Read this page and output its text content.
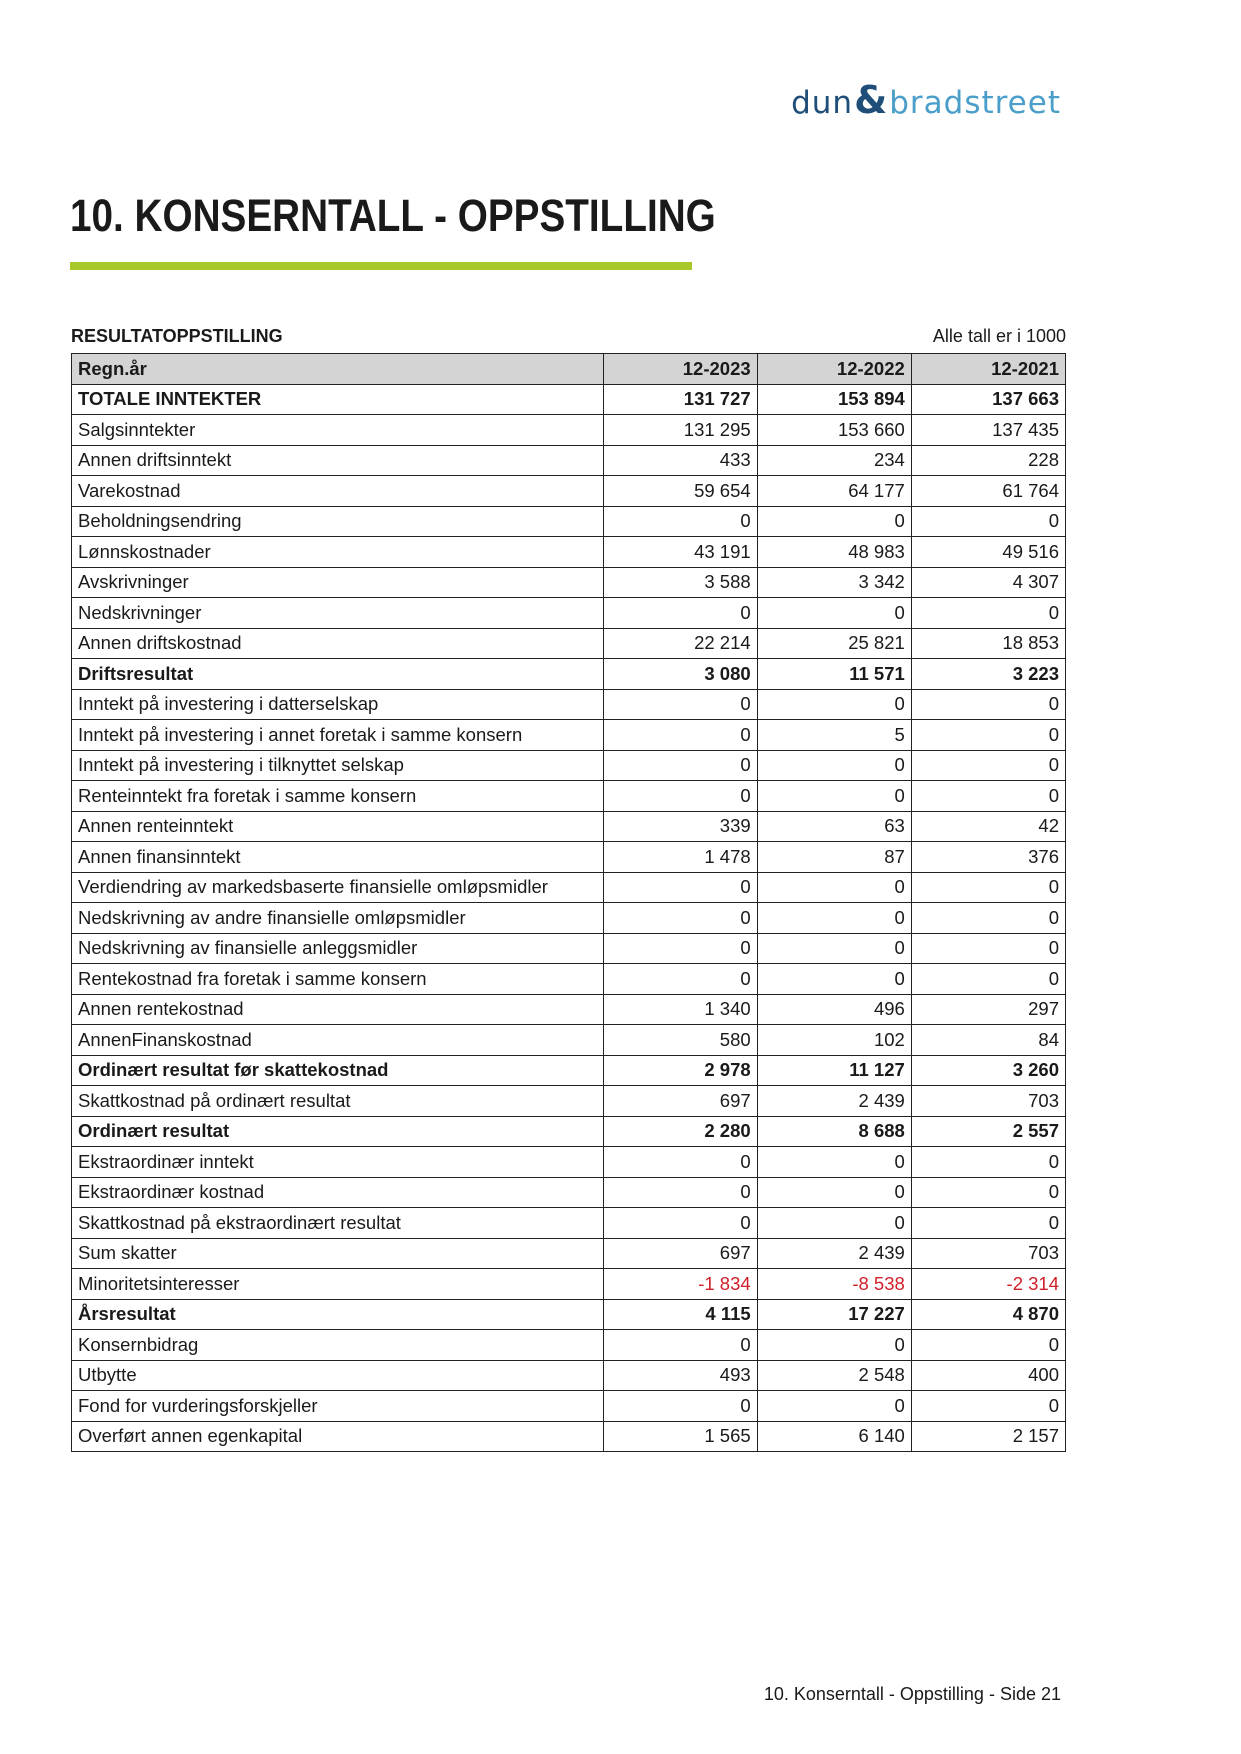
dun & bradstreet
10. KONSERNTALL - OPPSTILLING
RESULTATOPPSTILLING	Alle tall er i 1000
Regn.år	12-2023	12-2022	12-2021
TOTALE INNTEKTER	131 727	153 894	137 663
Salgsinntekter	131 295	153 660	137 435
Annen driftsinntekt	433	234	228
Varekostnad	59 654	64 177	61 764
Beholdningsendring	0	0	0
Lønnskostnader	43 191	48 983	49 516
Avskrivninger	3 588	3 342	4 307
Nedskrivninger	0	0	0
Annen driftskostnad	22 214	25 821	18 853
Driftsresultat	3 080	11 571	3 223
Inntekt på investering i datterselskap	0	0	0
Inntekt på investering i annet foretak i samme konsern	0	5	0
Inntekt på investering i tilknyttet selskap	0	0	0
Renteinntekt fra foretak i samme konsern	0	0	0
Annen renteinntekt	339	63	42
Annen finansinntekt	1 478	87	376
Verdiendring av markedsbaserte finansielle omløpsmidler	0	0	0
Nedskrivning av andre finansielle omløpsmidler	0	0	0
Nedskrivning av finansielle anleggsmidler	0	0	0
Rentekostnad fra foretak i samme konsern	0	0	0
Annen rentekostnad	1 340	496	297
AnnenFinanskostnad	580	102	84
Ordinært resultat før skattekostnad	2 978	11 127	3 260
Skattkostnad på ordinært resultat	697	2 439	703
Ordinært resultat	2 280	8 688	2 557
Ekstraordinær inntekt	0	0	0
Ekstraordinær kostnad	0	0	0
Skattkostnad på ekstraordinært resultat	0	0	0
Sum skatter	697	2 439	703
Minoritetsinteresser	-1 834	-8 538	-2 314
Årsresultat	4 115	17 227	4 870
Konsernbidrag	0	0	0
Utbytte	493	2 548	400
Fond for vurderingsforskjeller	0	0	0
Overført annen egenkapital	1 565	6 140	2 157
10. Konserntall - Oppstilling - Side 21
